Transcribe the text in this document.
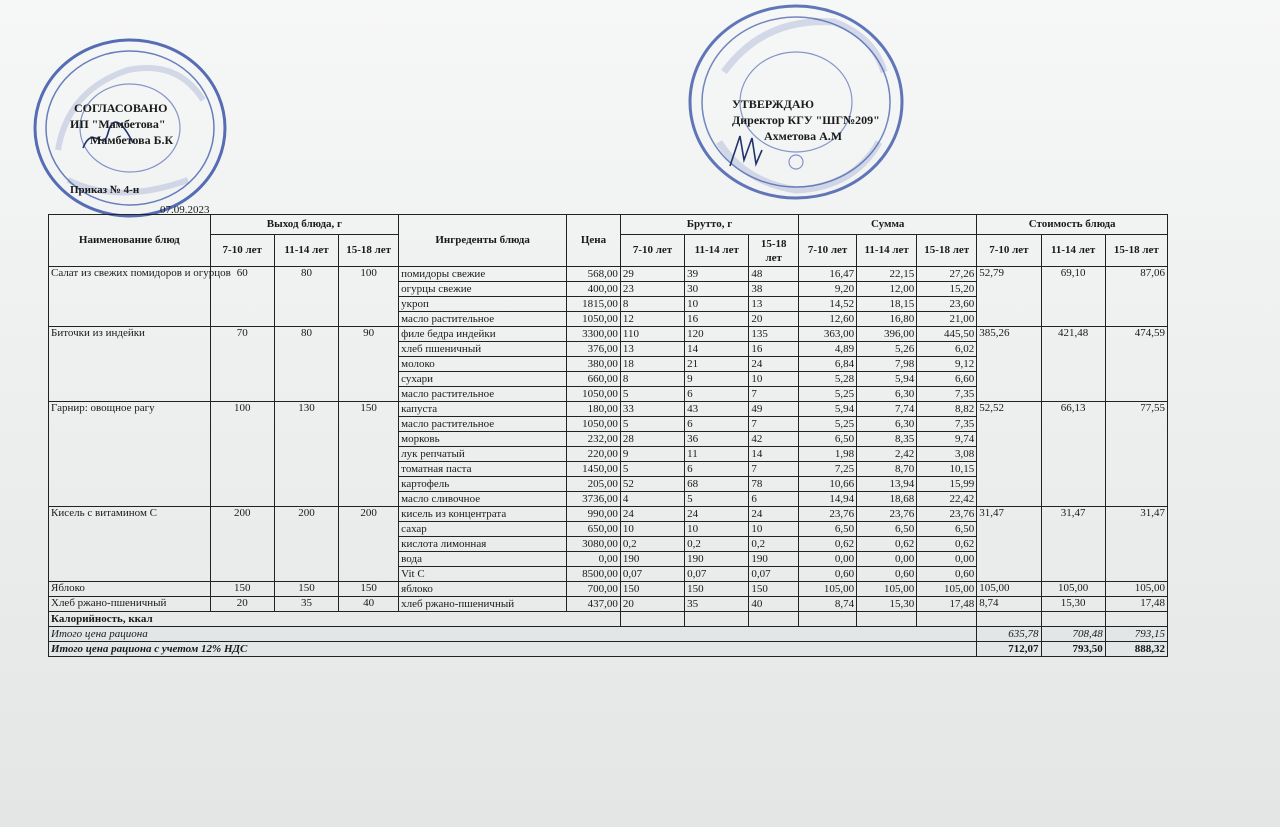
СОГЛАСОВАНО
ИП "Мамбетова"
Мамбетова Б.К
Приказ № 4-н
07.09.2023
УТВЕРЖДАЮ
Директор КГУ "ШГ№209"
Ахметова А.М
Наименование блюд	Выход блюда, г			Ингреденты блюда	Цена	Брутто, г			Сумма			Стоимость блюда		
	7-10 лет	11-14 лет	15-18 лет			7-10 лет	11-14 лет	15-18 лет	7-10 лет	11-14 лет	15-18 лет	7-10 лет	11-14 лет	15-18 лет
Салат из свежих помидоров и огурцов	60	80	100	помидоры свежие	568,00	29	39	48	16,47	22,15	27,26	52,79	69,10	87,06
				огурцы свежие	400,00	23	30	38	9,20	12,00	15,20			
				укроп	1815,00	8	10	13	14,52	18,15	23,60			
				масло растительное	1050,00	12	16	20	12,60	16,80	21,00			
Биточки из индейки	70	80	90	филе бедра индейки	3300,00	110	120	135	363,00	396,00	445,50	385,26	421,48	474,59
				хлеб пшеничный	376,00	13	14	16	4,89	5,26	6,02			
				молоко	380,00	18	21	24	6,84	7,98	9,12			
				сухари	660,00	8	9	10	5,28	5,94	6,60			
				масло растительное	1050,00	5	6	7	5,25	6,30	7,35			
Гарнир: овощное рагу	100	130	150	капуста	180,00	33	43	49	5,94	7,74	8,82	52,52	66,13	77,55
				масло растительное	1050,00	5	6	7	5,25	6,30	7,35			
				морковь	232,00	28	36	42	6,50	8,35	9,74			
				лук репчатый	220,00	9	11	14	1,98	2,42	3,08			
				томатная паста	1450,00	5	6	7	7,25	8,70	10,15			
				картофель	205,00	52	68	78	10,66	13,94	15,99			
				масло сливочное	3736,00	4	5	6	14,94	18,68	22,42			
Кисель с витамином С	200	200	200	кисель из концентрата	990,00	24	24	24	23,76	23,76	23,76	31,47	31,47	31,47
				сахар	650,00	10	10	10	6,50	6,50	6,50			
				кислота лимонная	3080,00	0,2	0,2	0,2	0,62	0,62	0,62			
				вода	0,00	190	190	190	0,00	0,00	0,00			
				Vit C	8500,00	0,07	0,07	0,07	0,60	0,60	0,60			
Яблоко	150	150	150	яблоко	700,00	150	150	150	105,00	105,00	105,00	105,00	105,00	105,00
Хлеб ржано-пшеничный	20	35	40	хлеб ржано-пшеничный	437,00	20	35	40	8,74	15,30	17,48	8,74	15,30	17,48
Калорийность, ккал														
Итого цена рациона												635,78	708,48	793,15
Итого цена рациона с учетом 12% НДС												712,07	793,50	888,32
